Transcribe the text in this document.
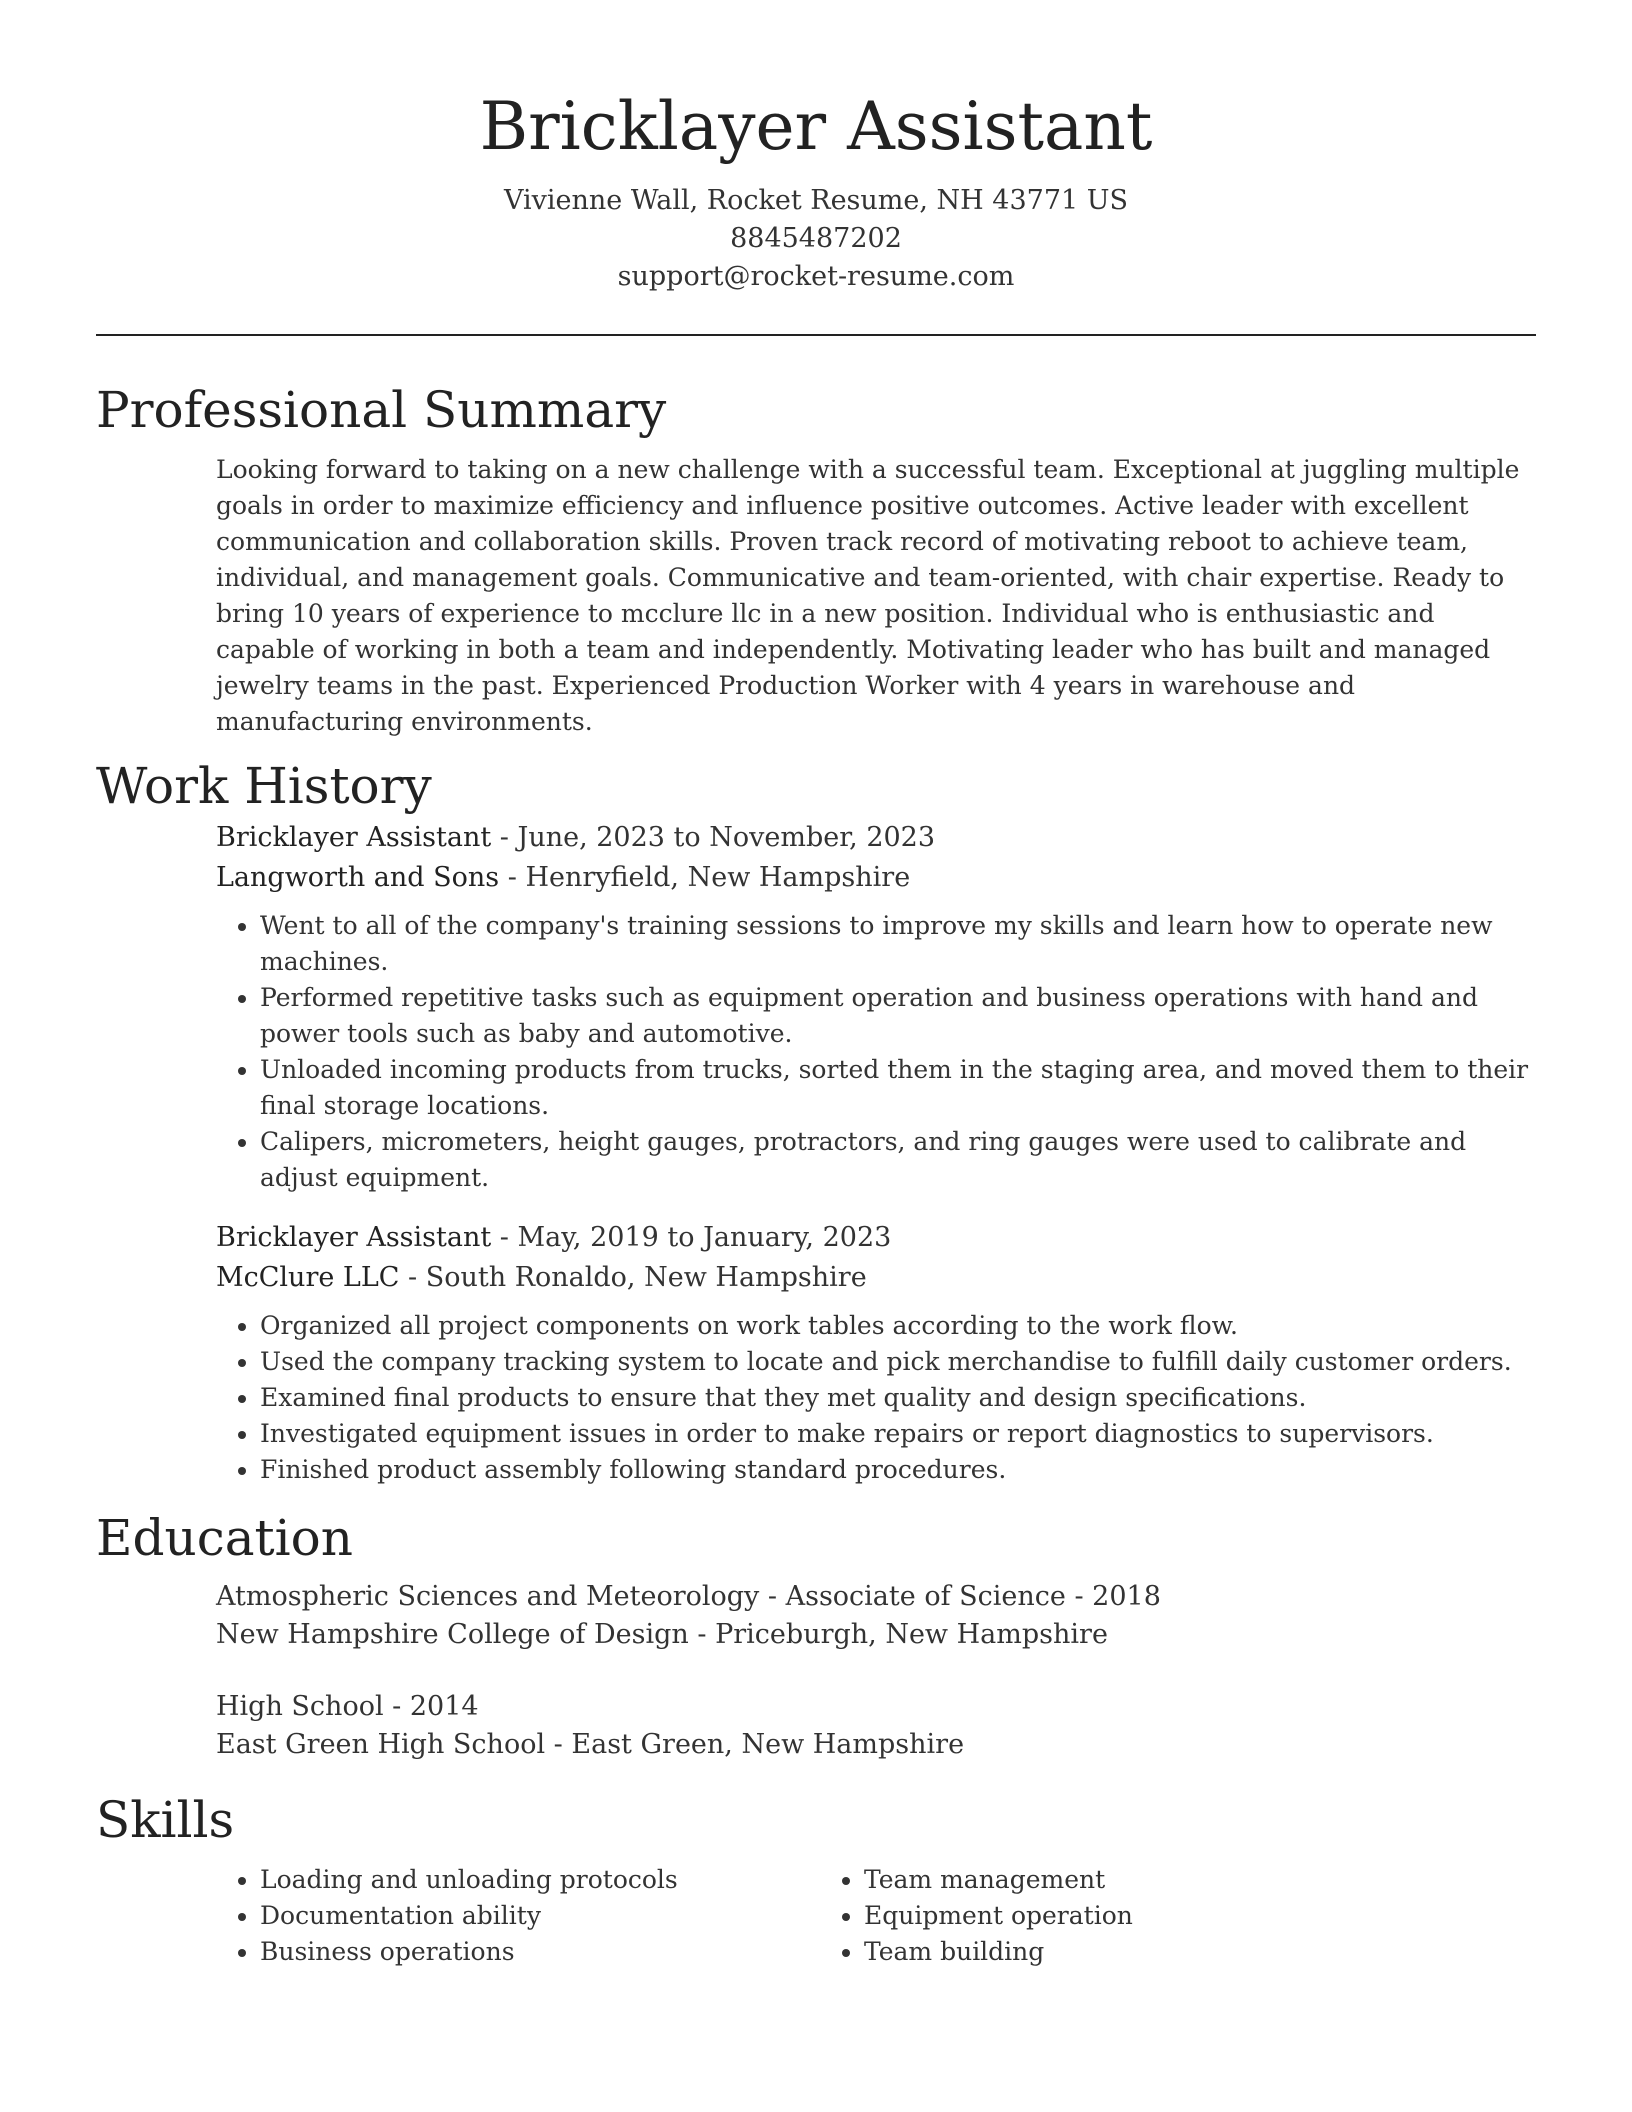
Bricklayer Assistant
Vivienne Wall, Rocket Resume, NH 43771 US
8845487202
support@rocket-resume.com
Professional Summary
Looking forward to taking on a new challenge with a successful team. Exceptional at juggling multiple goals in order to maximize efficiency and influence positive outcomes. Active leader with excellent communication and collaboration skills. Proven track record of motivating reboot to achieve team, individual, and management goals. Communicative and team-oriented, with chair expertise. Ready to bring 10 years of experience to mcclure llc in a new position. Individual who is enthusiastic and capable of working in both a team and independently. Motivating leader who has built and managed jewelry teams in the past. Experienced Production Worker with 4 years in warehouse and manufacturing environments.
Work History
Bricklayer Assistant - June, 2023 to November, 2023
Langworth and Sons - Henryfield, New Hampshire
• Went to all of the company's training sessions to improve my skills and learn how to operate new machines.
• Performed repetitive tasks such as equipment operation and business operations with hand and power tools such as baby and automotive.
• Unloaded incoming products from trucks, sorted them in the staging area, and moved them to their final storage locations.
• Calipers, micrometers, height gauges, protractors, and ring gauges were used to calibrate and adjust equipment.
Bricklayer Assistant - May, 2019 to January, 2023
McClure LLC - South Ronaldo, New Hampshire
• Organized all project components on work tables according to the work flow.
• Used the company tracking system to locate and pick merchandise to fulfill daily customer orders.
• Examined final products to ensure that they met quality and design specifications.
• Investigated equipment issues in order to make repairs or report diagnostics to supervisors.
• Finished product assembly following standard procedures.
Education
Atmospheric Sciences and Meteorology - Associate of Science - 2018
New Hampshire College of Design - Priceburgh, New Hampshire
High School - 2014
East Green High School - East Green, New Hampshire
Skills
• Loading and unloading protocols
• Documentation ability
• Business operations
• Team management
• Equipment operation
• Team building
